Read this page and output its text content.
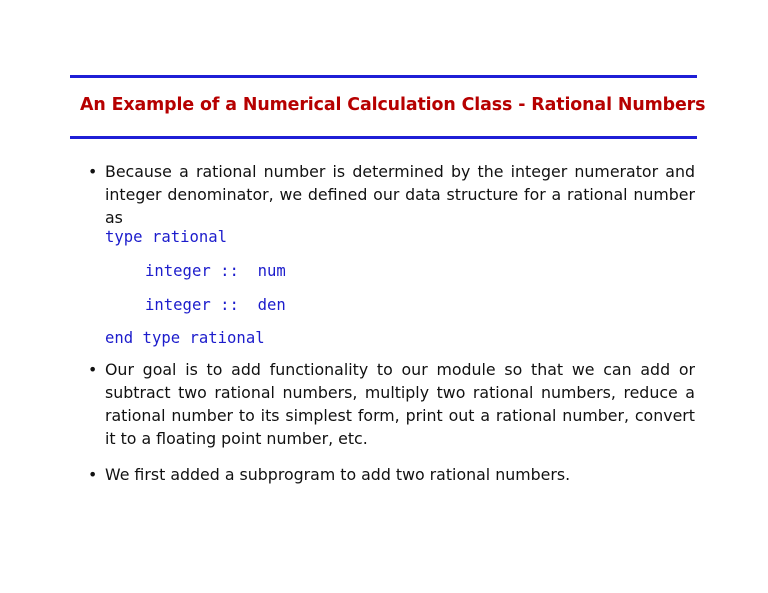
An Example of a Numerical Calculation Class - Rational Numbers
• Because a rational number is determined by the integer numerator and integer denominator, we defined our data structure for a rational number as
type rational
integer ::  num
integer ::  den
end type rational
• Our goal is to add functionality to our module so that we can add or subtract two rational numbers, multiply two rational numbers, reduce a rational number to its simplest form, print out a rational number, convert it to a floating point number, etc.
• We first added a subprogram to add two rational numbers.
